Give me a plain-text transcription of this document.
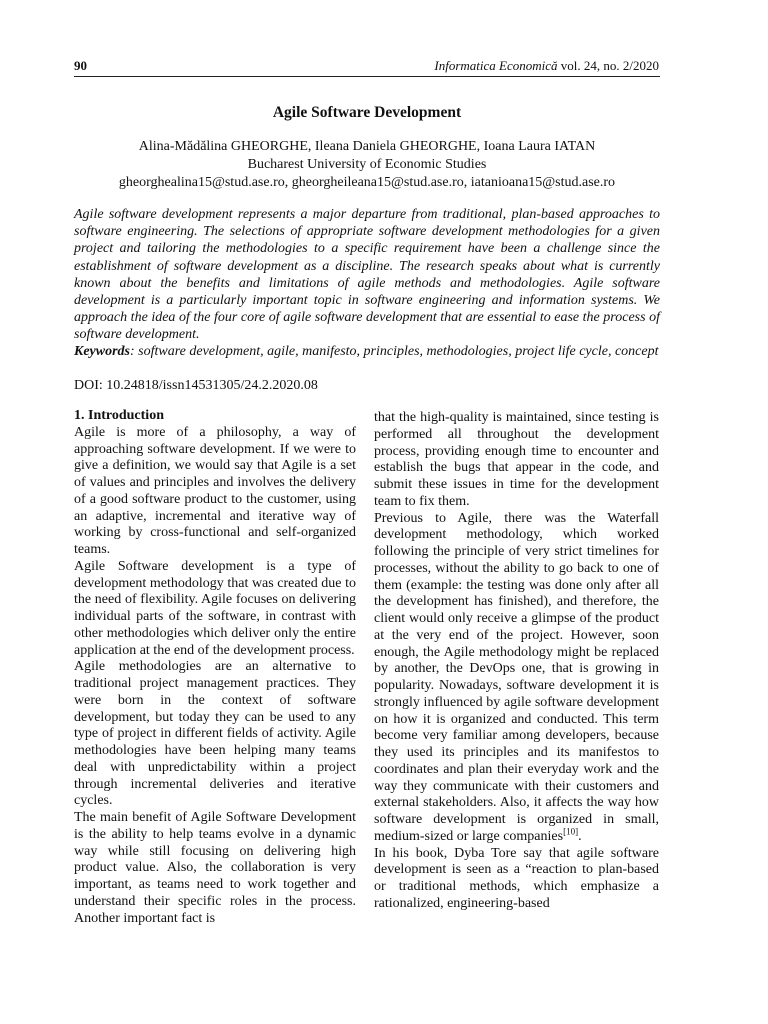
90	Informatica Economică vol. 24, no. 2/2020
Agile Software Development
Alina-Mădălina GHEORGHE, Ileana Daniela GHEORGHE, Ioana Laura IATAN
Bucharest University of Economic Studies
gheorghealina15@stud.ase.ro, gheorgheileana15@stud.ase.ro, iatanioana15@stud.ase.ro
Agile software development represents a major departure from traditional, plan-based approaches to software engineering. The selections of appropriate software development methodologies for a given project and tailoring the methodologies to a specific requirement have been a challenge since the establishment of software development as a discipline. The research speaks about what is currently known about the benefits and limitations of agile methods and methodologies. Agile software development is a particularly important topic in software engineering and information systems. We approach the idea of the four core of agile software development that are essential to ease the process of software development.
Keywords: software development, agile, manifesto, principles, methodologies, project life cycle, concept
DOI: 10.24818/issn14531305/24.2.2020.08
1. Introduction

Agile is more of a philosophy, a way of approaching software development. If we were to give a definition, we would say that Agile is a set of values and principles and involves the delivery of a good software product to the customer, using an adaptive, incremental and iterative way of working by cross-functional and self-organized teams.

Agile Software development is a type of development methodology that was created due to the need of flexibility. Agile focuses on delivering individual parts of the software, in contrast with other methodologies which deliver only the entire application at the end of the development process.

Agile methodologies are an alternative to traditional project management practices. They were born in the context of software development, but today they can be used to any type of project in different fields of activity. Agile methodologies have been helping many teams deal with unpredictability within a project through incremental deliveries and iterative cycles.

The main benefit of Agile Software Development is the ability to help teams evolve in a dynamic way while still focusing on delivering high product value. Also, the collaboration is very important, as teams need to work together and understand their specific roles in the process. Another important fact is

that the high-quality is maintained, since testing is performed all throughout the development process, providing enough time to encounter and establish the bugs that appear in the code, and submit these issues in time for the development team to fix them.

Previous to Agile, there was the Waterfall development methodology, which worked following the principle of very strict timelines for processes, without the ability to go back to one of them (example: the testing was done only after all the development has finished), and therefore, the client would only receive a glimpse of the product at the very end of the project. However, soon enough, the Agile methodology might be replaced by another, the DevOps one, that is growing in popularity. Nowadays, software development it is strongly influenced by agile software development on how it is organized and conducted. This term become very familiar among developers, because they used its principles and its manifestos to coordinates and plan their everyday work and the way they communicate with their customers and external stakeholders. Also, it affects the way how software development is organized in small, medium-sized or large companies[10].

In his book, Dyba Tore say that agile software development is seen as a “reaction to plan-based or traditional methods, which emphasize a rationalized, engineering-based
